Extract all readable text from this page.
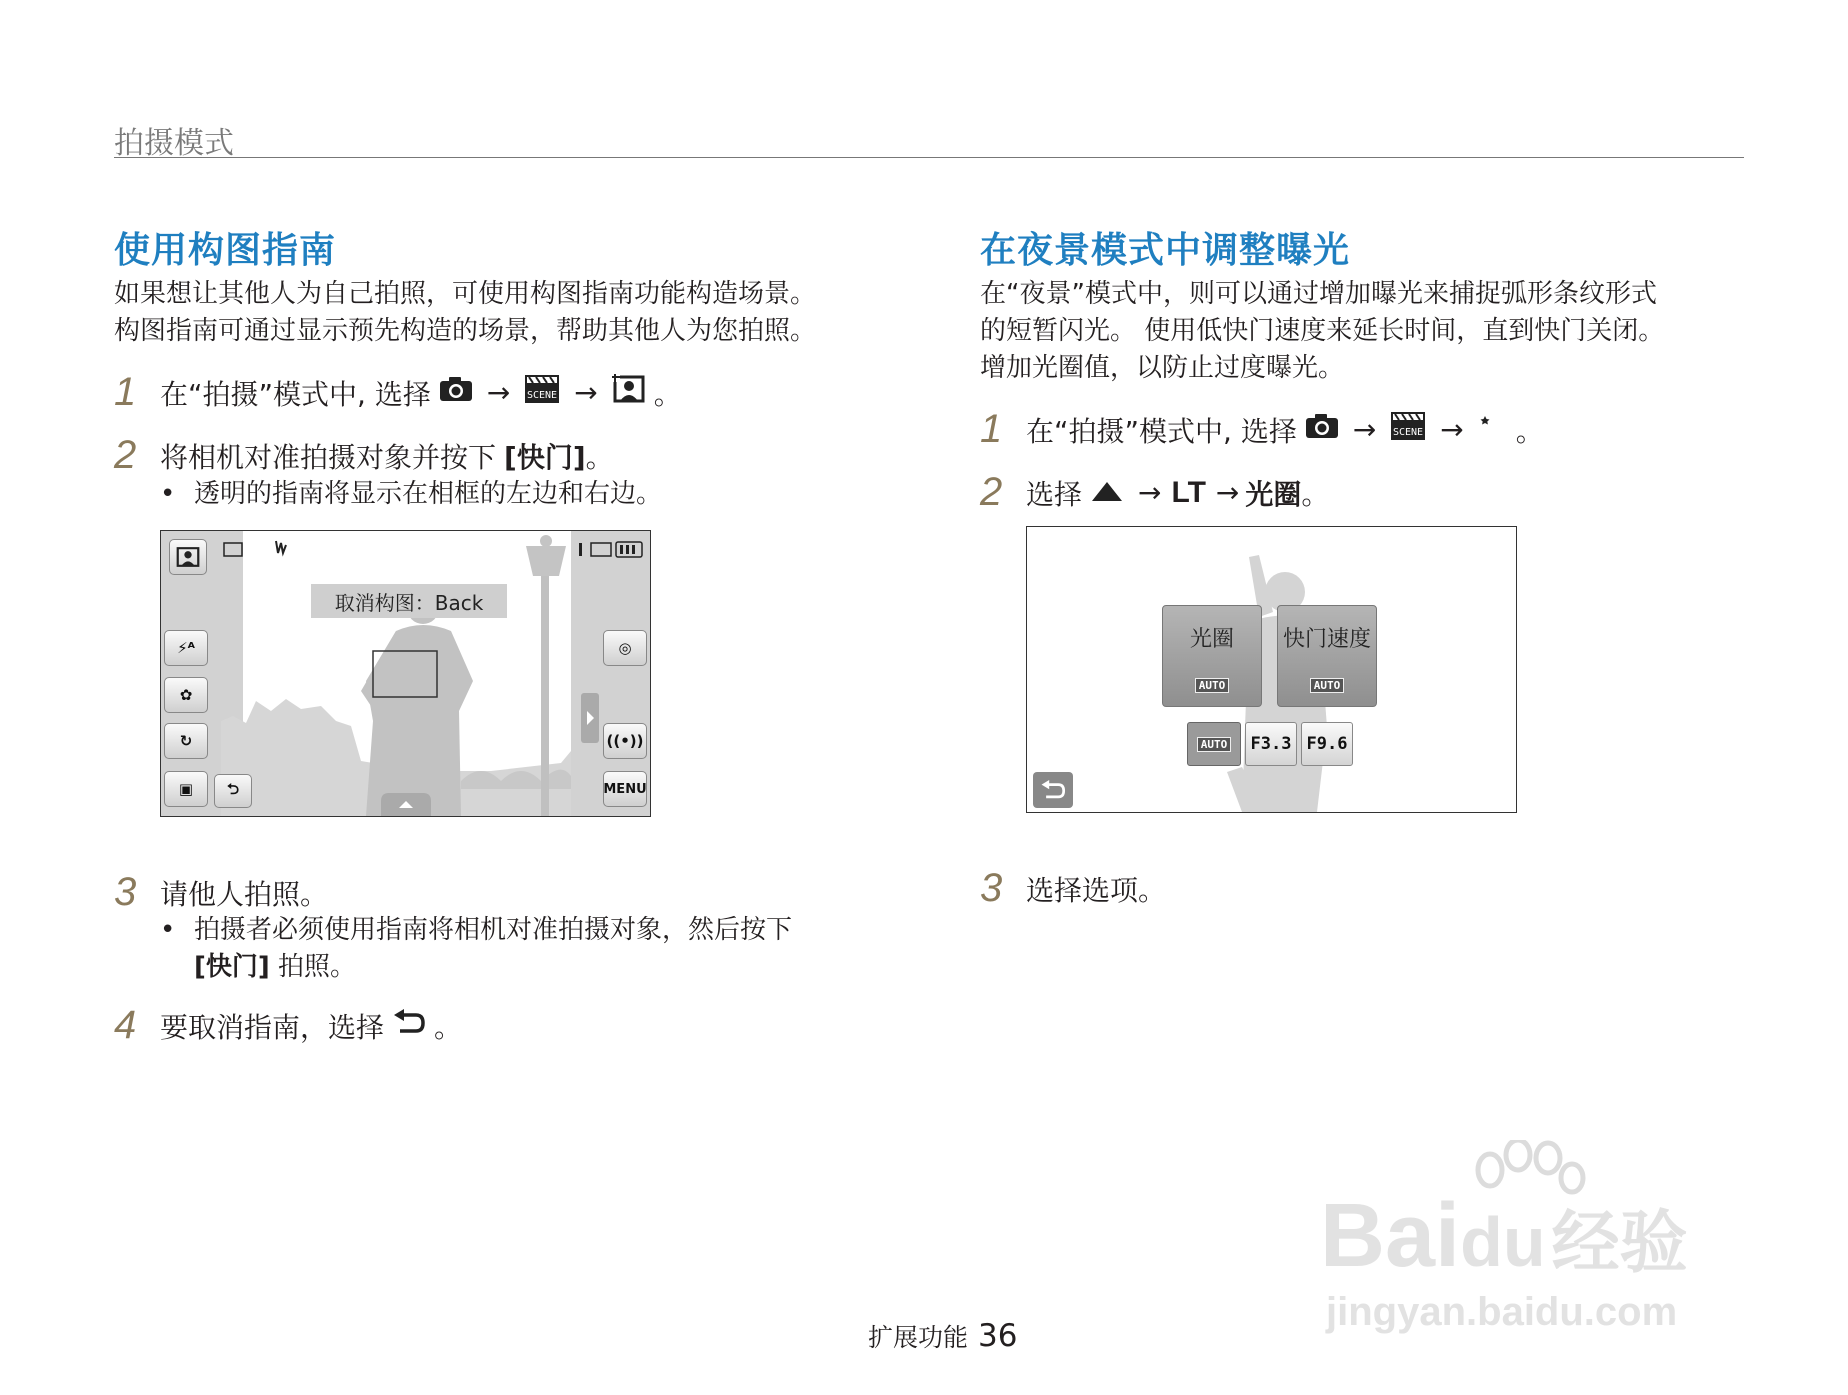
拍摄模式
使用构图指南
如果想让其他人为自己拍照，可使用构图指南功能构造场景。
构图指南可通过显示预先构造的场景，帮助其他人为您拍照。
1 在“拍摄”模式中, 选择 → SCENE → 。
2 将相机对准拍摄对象并按下 [快门] 。
• 透明的指南将显示在相框的左边和右边。
取消构图：Back
⚡ᴬ
✿
↻
▣ ⮌
◎
((•))
MENU
3 请他人拍照。
• 拍摄者必须使用指南将相机对准拍摄对象，然后按下
[快门] 拍照。
4 要取消指南，选择 。
在夜景模式中调整曝光
在“夜景”模式中，则可以通过增加曝光来捕捉弧形条纹形式
的短暂闪光。 使用低快门速度来延长时间，直到快门关闭。
增加光圈值，以防止过度曝光。
1 在“拍摄”模式中, 选择 → SCENE → 。
2 选择 → LT → 光圈 。
光圈
AUTO
快门速度
AUTO
AUTO	F3.3 F9.6
3 选择选项。
Baidu经验
jingyan.baidu.com
扩展功能 36
